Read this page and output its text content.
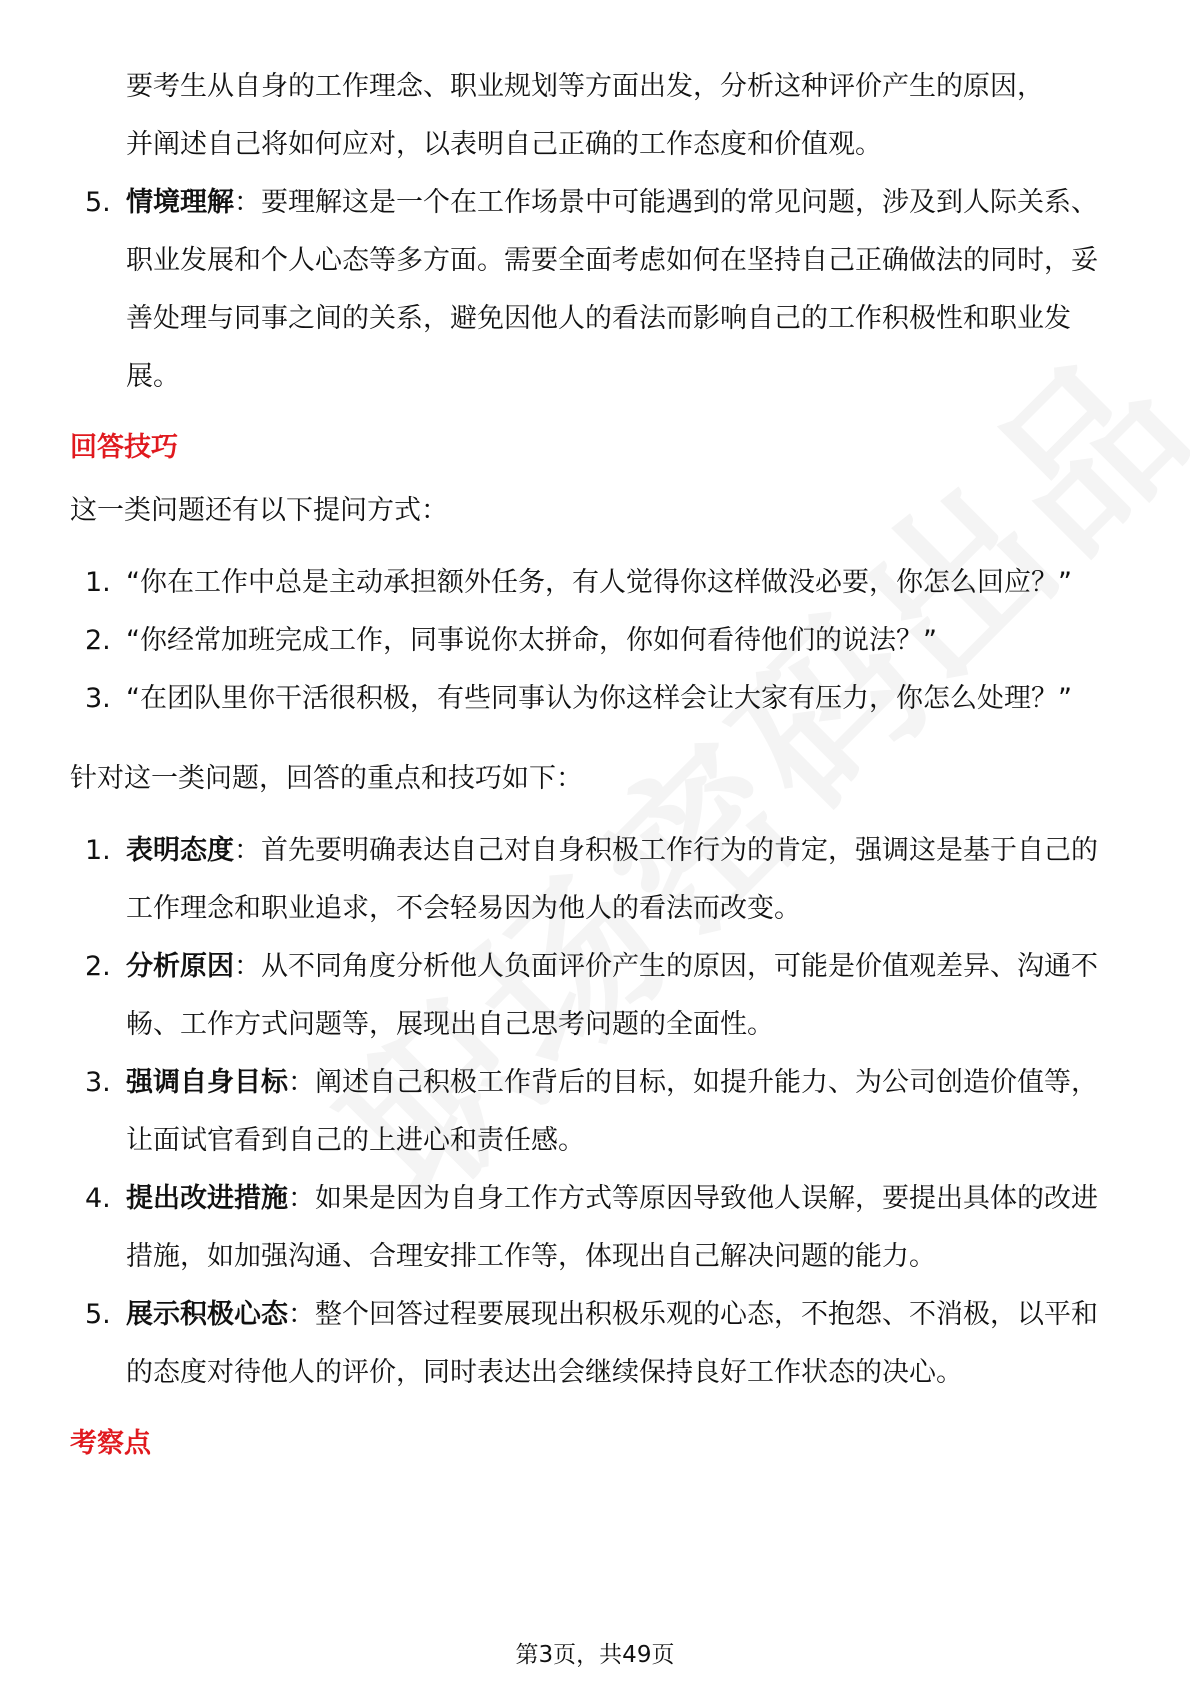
要考生从自身的工作理念、职业规划等方面出发，分析这种评价产生的原因，

并阐述自己将如何应对，以表明自己正确的工作态度和价值观。

5. 情境理解：要理解这是一个在工作场景中可能遇到的常见问题，涉及到人际关系、职业发展和个人心态等多方面。需要全面考虑如何在坚持自己正确做法的同时，妥善处理与同事之间的关系，避免因他人的看法而影响自己的工作积极性和职业发展。
回答技巧

这一类问题还有以下提问方式：

1. “你在工作中总是主动承担额外任务，有人觉得你这样做没必要，你怎么回应？”
2. “你经常加班完成工作，同事说你太拼命，你如何看待他们的说法？”
3. “在团队里你干活很积极，有些同事认为你这样会让大家有压力，你怎么处理？”

针对这一类问题，回答的重点和技巧如下：

1. 表明态度：首先要明确表达自己对自身积极工作行为的肯定，强调这是基于自己的工作理念和职业追求，不会轻易因为他人的看法而改变。
2. 分析原因：从不同角度分析他人负面评价产生的原因，可能是价值观差异、沟通不畅、工作方式问题等，展现出自己思考问题的全面性。
3. 强调自身目标：阐述自己积极工作背后的目标，如提升能力、为公司创造价值等，让面试官看到自己的上进心和责任感。
4. 提出改进措施：如果是因为自身工作方式等原因导致他人误解，要提出具体的改进措施，如加强沟通、合理安排工作等，体现出自己解决问题的能力。
5. 展示积极心态：整个回答过程要展现出积极乐观的心态，不抱怨、不消极，以平和的态度对待他人的评价，同时表达出会继续保持良好工作状态的决心。
考察点
第3页，共49页
